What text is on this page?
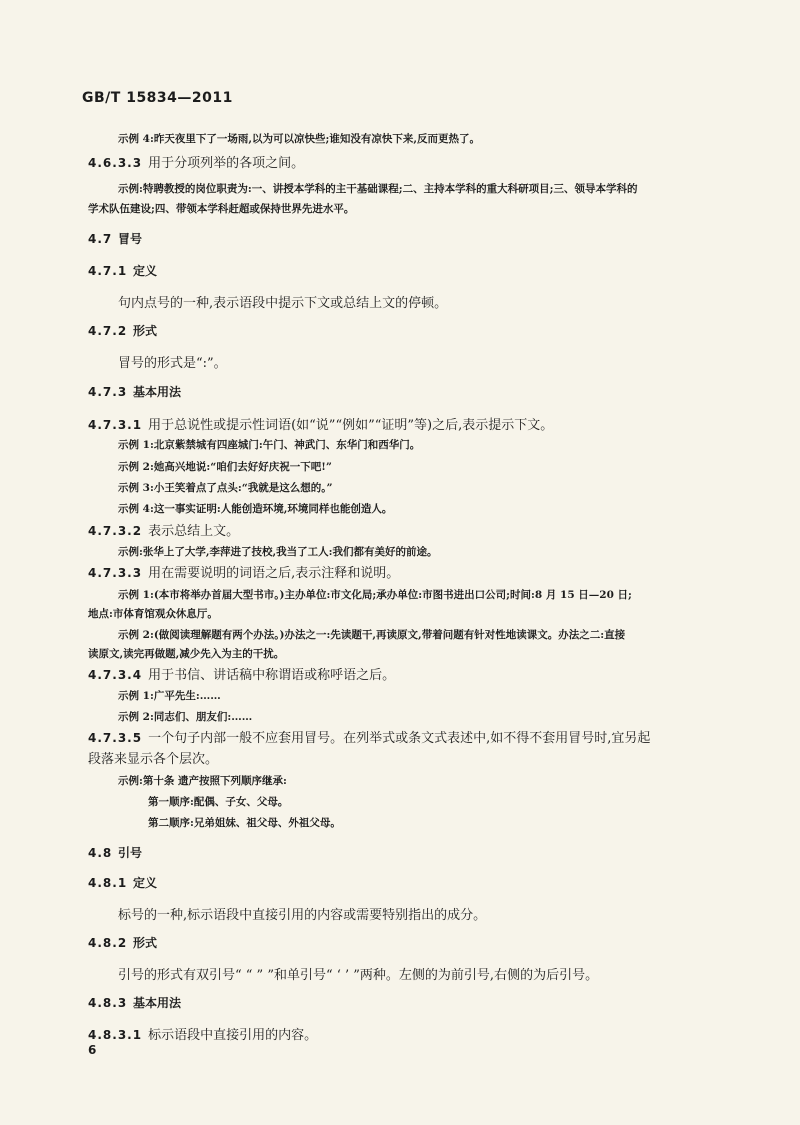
GB/T 15834—2011
示例 4:昨天夜里下了一场雨,以为可以凉快些;谁知没有凉快下来,反而更热了。
4.6.3.3 用于分项列举的各项之间。
示例:特聘教授的岗位职责为:一、讲授本学科的主干基础课程;二、主持本学科的重大科研项目;三、领导本学科的
学术队伍建设;四、带领本学科赶超或保持世界先进水平。
4.7 冒号
4.7.1 定义
句内点号的一种,表示语段中提示下文或总结上文的停顿。
4.7.2 形式
冒号的形式是“:”。
4.7.3 基本用法
4.7.3.1 用于总说性或提示性词语(如“说”“例如”“证明”等)之后,表示提示下文。
示例 1:北京紫禁城有四座城门:午门、神武门、东华门和西华门。
示例 2:她高兴地说:“咱们去好好庆祝一下吧!”
示例 3:小王笑着点了点头:“我就是这么想的。”
示例 4:这一事实证明:人能创造环境,环境同样也能创造人。
4.7.3.2 表示总结上文。
示例:张华上了大学,李萍进了技校,我当了工人:我们都有美好的前途。
4.7.3.3 用在需要说明的词语之后,表示注释和说明。
示例 1:(本市将举办首届大型书市。)主办单位:市文化局;承办单位:市图书进出口公司;时间:8 月 15 日—20 日;
地点:市体育馆观众休息厅。
示例 2:(做阅读理解题有两个办法。)办法之一:先读题干,再读原文,带着问题有针对性地读课文。办法之二:直接
读原文,读完再做题,减少先入为主的干扰。
4.7.3.4 用于书信、讲话稿中称谓语或称呼语之后。
示例 1:广平先生:……
示例 2:同志们、朋友们:……
4.7.3.5 一个句子内部一般不应套用冒号。在列举式或条文式表述中,如不得不套用冒号时,宜另起
段落来显示各个层次。
示例:第十条 遗产按照下列顺序继承:
第一顺序:配偶、子女、父母。
第二顺序:兄弟姐妹、祖父母、外祖父母。
4.8 引号
4.8.1 定义
标号的一种,标示语段中直接引用的内容或需要特别指出的成分。
4.8.2 形式
引号的形式有双引号“ “ ” ”和单引号“ ‘ ’ ”两种。左侧的为前引号,右侧的为后引号。
4.8.3 基本用法
4.8.3.1 标示语段中直接引用的内容。
6
